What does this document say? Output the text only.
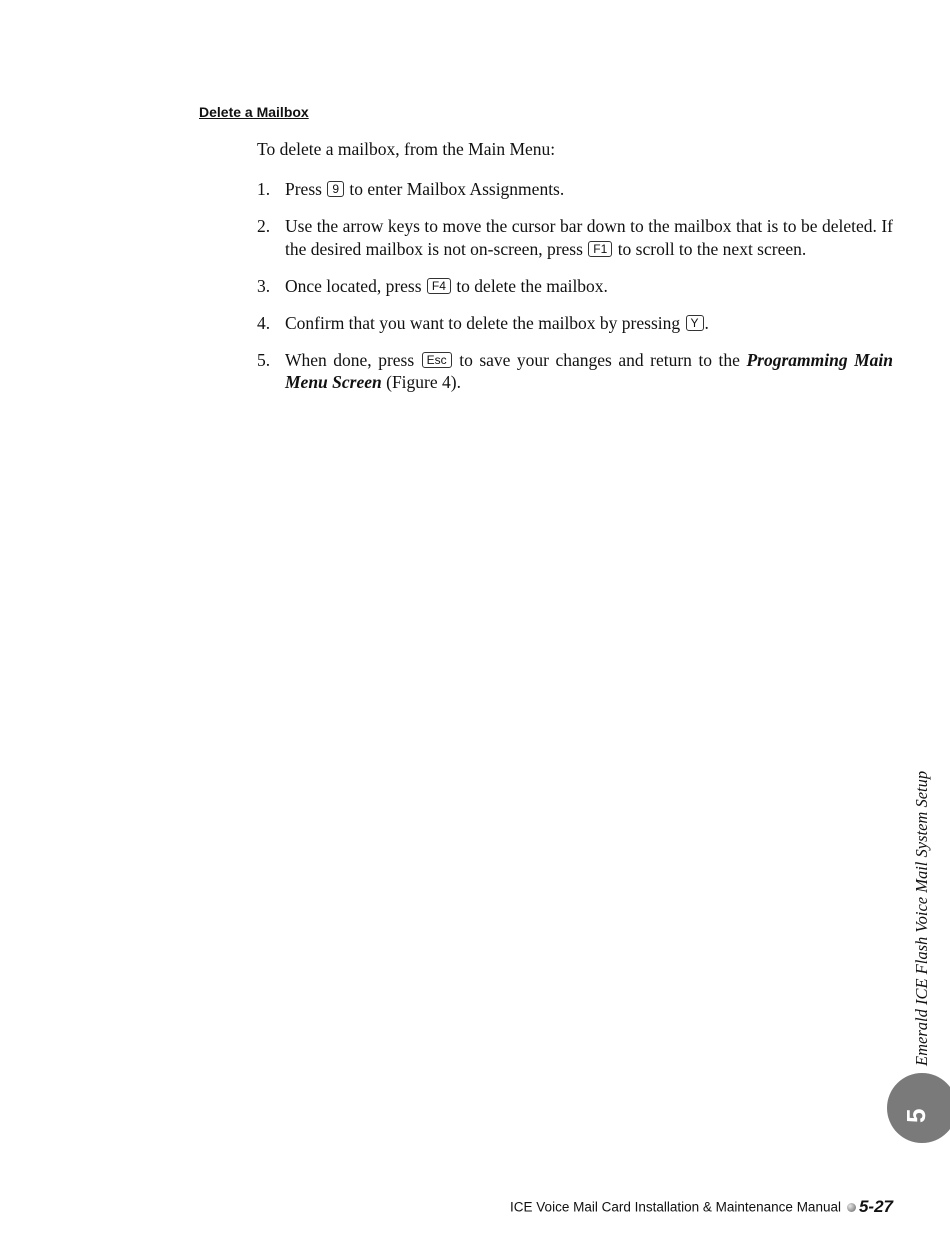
Delete a Mailbox

To delete a mailbox, from the Main Menu:

1. Press 9 to enter Mailbox Assignments.
2. Use the arrow keys to move the cursor bar down to the mailbox that is to be deleted. If the desired mailbox is not on-screen, press F1 to scroll to the next screen.
3. Once located, press F4 to delete the mailbox.
4. Confirm that you want to delete the mailbox by pressing Y .
5. When done, press Esc to save your changes and return to the Programming Main Menu Screen (Figure 4).
Emerald ICE Flash Voice Mail System Setup
5
ICE Voice Mail Card Installation & Maintenance Manual 5-27
